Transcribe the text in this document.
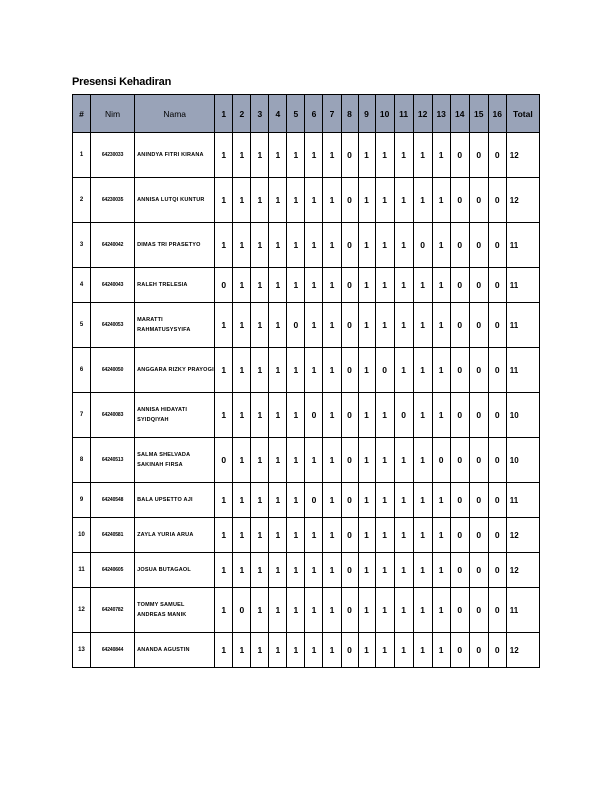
Presensi Kehadiran
#	Nim	Nama	1	2	3	4	5	6	7	8	9	10	11	12	13	14	15	16	Total
1	64230033	ANINDYA FITRI KIRANA	1	1	1	1	1	1	1	0	1	1	1	1	1	0	0	0	12
2	64230035	ANNISA LUTQI KUNTUR	1	1	1	1	1	1	1	0	1	1	1	1	1	0	0	0	12
3	64240042	DIMAS TRI PRASETYO	1	1	1	1	1	1	1	0	1	1	1	0	1	0	0	0	11
4	64240043	RALEH TRELESIA	0	1	1	1	1	1	1	0	1	1	1	1	1	0	0	0	11
5	64240053	MARATTI RAHMATUSYSYIFA	1	1	1	1	0	1	1	0	1	1	1	1	1	0	0	0	11
6	64240050	ANGGARA RIZKY PRAYOGI	1	1	1	1	1	1	1	0	1	0	1	1	1	0	0	0	11
7	64240083	ANNISA HIDAYATI SYIDQIYAH	1	1	1	1	1	0	1	0	1	1	0	1	1	0	0	0	10
8	64240513	SALMA SHELVADA SAKINAH FIRSA	0	1	1	1	1	1	1	0	1	1	1	1	0	0	0	0	10
9	64240548	BALA UPSETTO AJI	1	1	1	1	1	0	1	0	1	1	1	1	1	0	0	0	11
10	64240581	ZAYLA YURIA ARUA	1	1	1	1	1	1	1	0	1	1	1	1	1	0	0	0	12
11	64240605	JOSUA BUTAGAOL	1	1	1	1	1	1	1	0	1	1	1	1	1	0	0	0	12
12	64240782	TOMMY SAMUEL ANDREAS MANIK	1	0	1	1	1	1	1	0	1	1	1	1	1	0	0	0	11
13	64240844	ANANDA AGUSTIN	1	1	1	1	1	1	1	0	1	1	1	1	1	0	0	0	12
